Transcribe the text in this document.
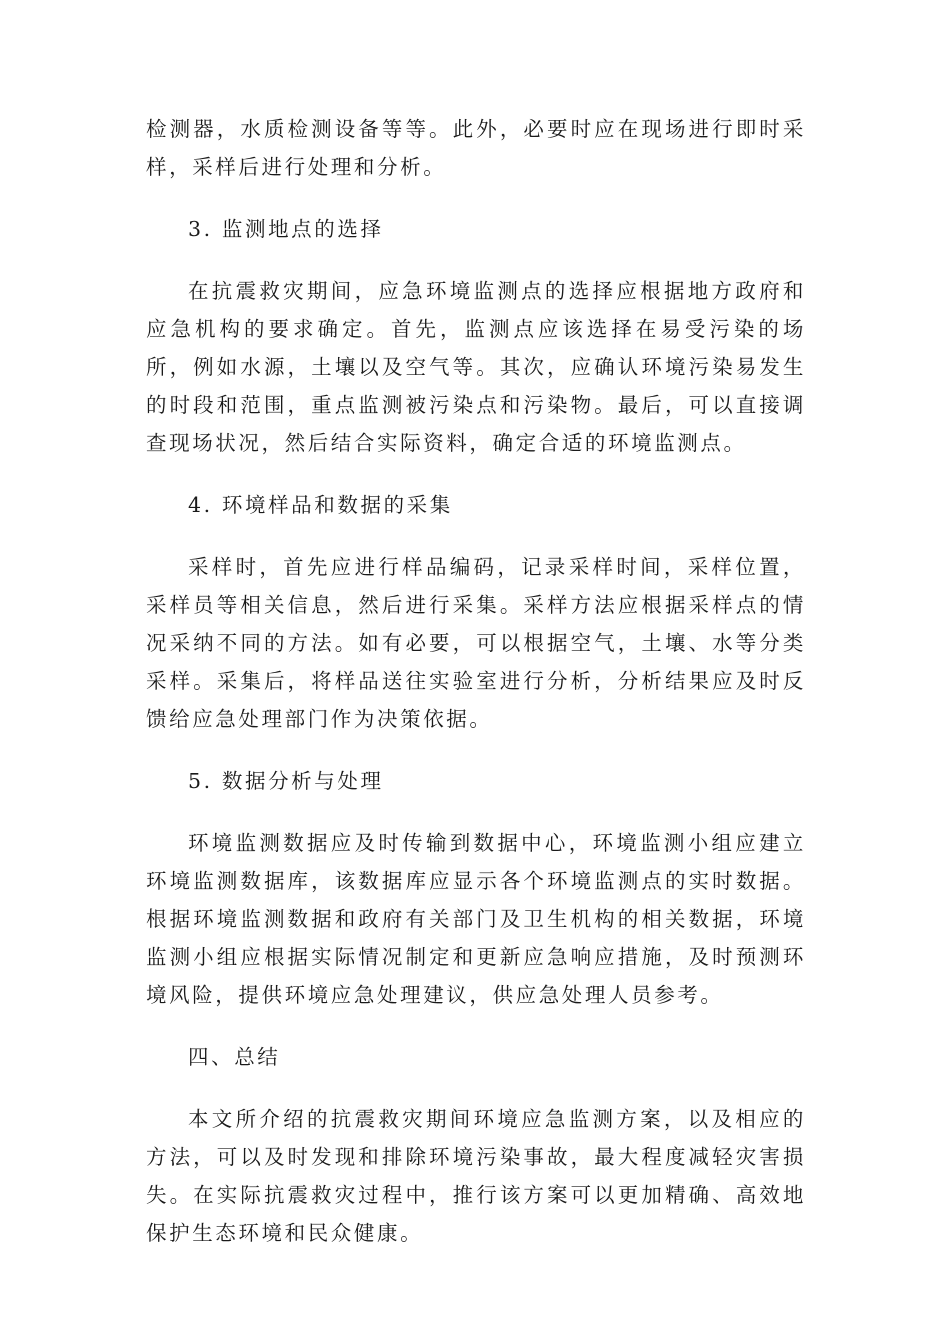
检测器，水质检测设备等等。此外，必要时应在现场进行即时采样，采样后进行处理和分析。

3. 监测地点的选择

在抗震救灾期间，应急环境监测点的选择应根据地方政府和应急机构的要求确定。首先，监测点应该选择在易受污染的场所，例如水源，土壤以及空气等。其次，应确认环境污染易发生的时段和范围，重点监测被污染点和污染物。最后，可以直接调查现场状况，然后结合实际资料，确定合适的环境监测点。

4. 环境样品和数据的采集

采样时，首先应进行样品编码，记录采样时间，采样位置，采样员等相关信息，然后进行采集。采样方法应根据采样点的情况采纳不同的方法。如有必要，可以根据空气，土壤、水等分类采样。采集后，将样品送往实验室进行分析，分析结果应及时反馈给应急处理部门作为决策依据。

5. 数据分析与处理

环境监测数据应及时传输到数据中心，环境监测小组应建立环境监测数据库，该数据库应显示各个环境监测点的实时数据。根据环境监测数据和政府有关部门及卫生机构的相关数据，环境监测小组应根据实际情况制定和更新应急响应措施，及时预测环境风险，提供环境应急处理建议，供应急处理人员参考。

四、总结

本文所介绍的抗震救灾期间环境应急监测方案，以及相应的方法，可以及时发现和排除环境污染事故，最大程度减轻灾害损失。在实际抗震救灾过程中，推行该方案可以更加精确、高效地保护生态环境和民众健康。
